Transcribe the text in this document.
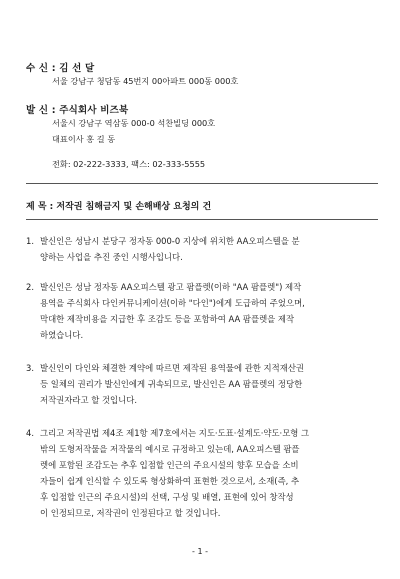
수 신 : 김 선 달
서울 강남구 청담동 45번지 00아파트 000동 000호
발 신 : 주식회사 비즈북
서울시 강남구 역삼동 000-0 석찬빌딩 000호
대표이사 홍 길 동
전화: 02-222-3333, 팩스: 02-333-5555
제 목 : 저작권 침해금지 및 손해배상 요청의 건
1. 발신인은 성남시 분당구 정자동 000-0 지상에 위치한 AA오피스텔을 분
양하는 사업을 추진 중인 시행사입니다.
2. 발신인은 성남 정자동 AA오피스텔 광고 팜플렛(이하 "AA 팜플렛") 제작
용역을 주식회사 다인커뮤니케이션(이하 "다인")에게 도급하여 주었으며,
막대한 제작비용을 지급한 후 조감도 등을 포함하여 AA 팜플렛을 제작
하였습니다.
3. 발신인이 다인와 체결한 계약에 따르면 제작된 용역물에 관한 지적재산권
등 일체의 권리가 발신인에게 귀속되므로, 발신인은 AA 팜플렛의 정당한
저작권자라고 할 것입니다.
4. 그리고 저작권법 제4조 제1항 제7호에서는 지도·도표·설계도·약도·모형 그
밖의 도형저작물을 저작물의 예시로 규정하고 있는데, AA오피스텔 팜플
렛에 포함된 조감도는 추후 입점할 인근의 주요시설의 향후 모습을 소비
자들이 쉽게 인식할 수 있도록 형상화하여 표현한 것으로서, 소재(즉, 추
후 입점할 인근의 주요시설)의 선택, 구성 및 배열, 표현에 있어 창작성
이 인정되므로, 저작권이 인정된다고 할 것입니다.
- 1 -
